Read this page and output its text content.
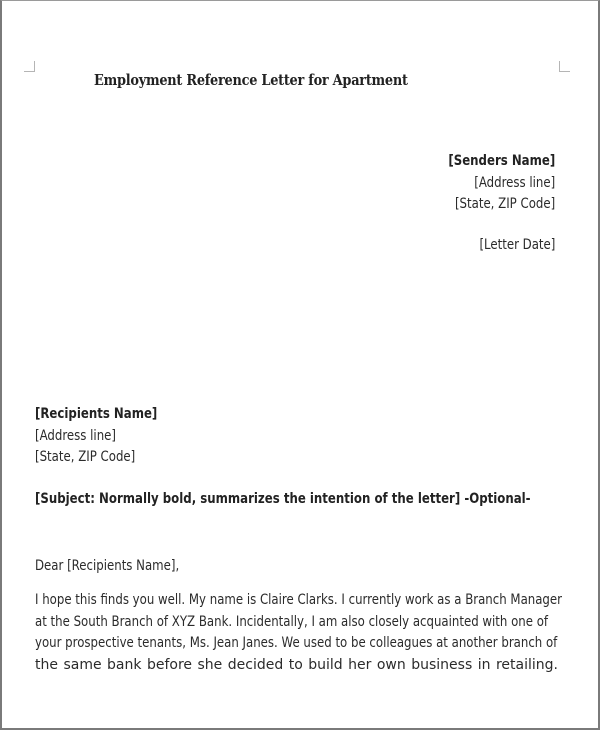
Employment Reference Letter for Apartment
[Senders Name]
[Address line]
[State, ZIP Code]
[Letter Date]
[Recipients Name]
[Address line]
[State, ZIP Code]
[Subject: Normally bold, summarizes the intention of the letter] -Optional-
Dear [Recipients Name],
I hope this finds you well. My name is Claire Clarks. I currently work as a Branch Manager
at the South Branch of XYZ Bank. Incidentally, I am also closely acquainted with one of
your prospective tenants, Ms. Jean Janes. We used to be colleagues at another branch of
the same bank before she decided to build her own business in retailing.
